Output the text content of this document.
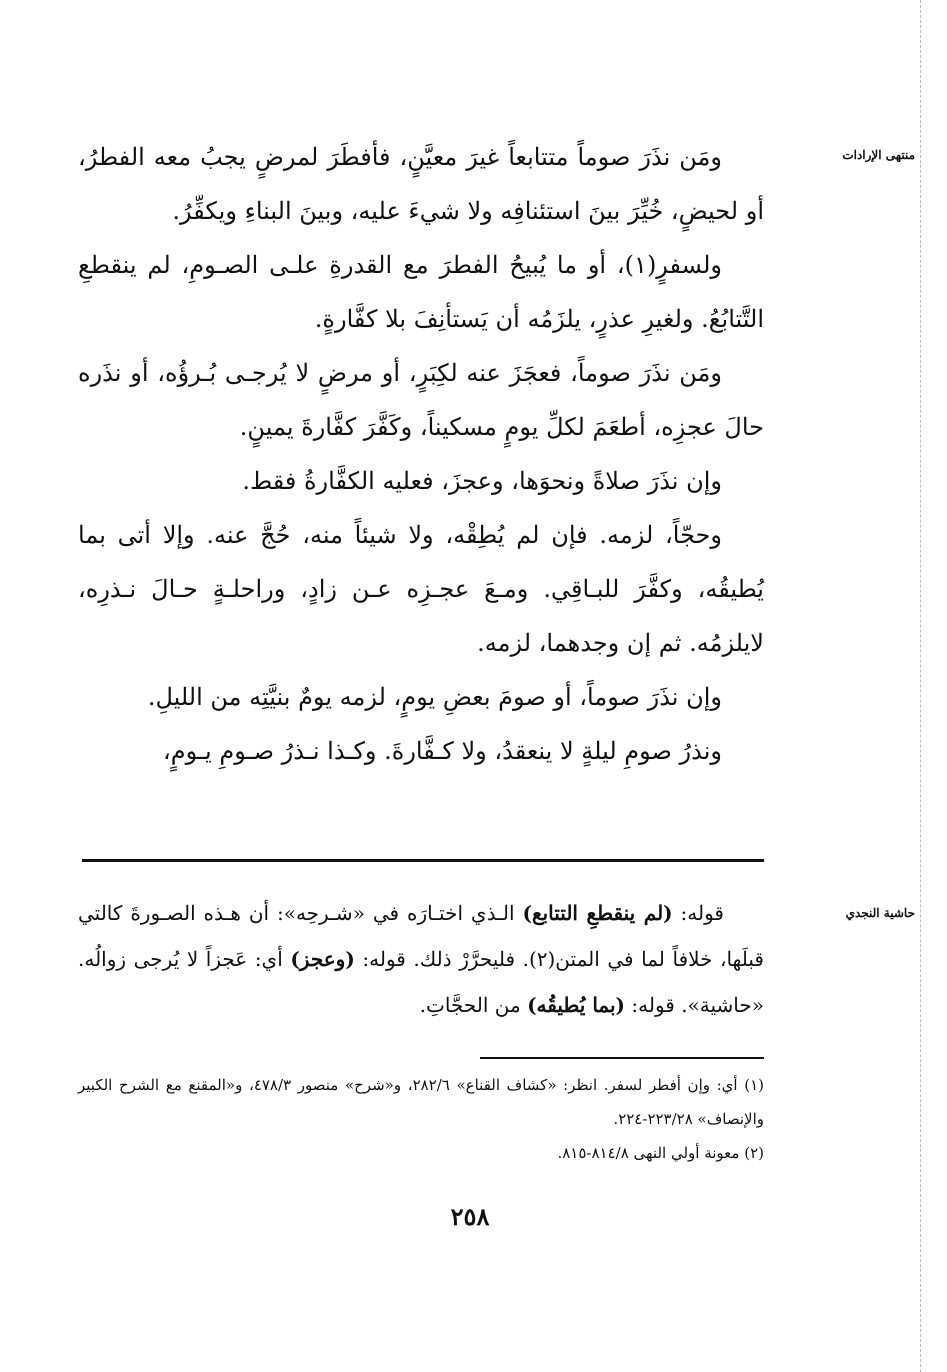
منتهى الإرادات
حاشية النجدي

ومَن نذَرَ صوماً متتابعاً غيرَ معيَّنٍ، فأفطَرَ لمرضٍ يجبُ معه الفطرُ، أو لحيضٍ، خُيِّرَ بينَ استئنافِه ولا شيءَ عليه، وبينَ البناءِ ويكفِّرُ.

ولسفرٍ(١)، أو ما يُبيحُ الفطرَ مع القدرةِ علـى الصـومِ، لم ينقطعِ التَّتابُعُ. ولغيرِ عذرٍ، يلزَمُه أن يَستأنِفَ بلا كفَّارةٍ.

ومَن نذَرَ صوماً، فعجَزَ عنه لكِبَرٍ، أو مرضٍ لا يُرجـى بُـرؤُه، أو نذَره حالَ عجزِه، أطعَمَ لكلِّ يومٍ مسكيناً، وكَفَّرَ كفَّارةَ يمينٍ.

وإن نذَرَ صلاةً ونحوَها، وعجزَ، فعليه الكفَّارةُ فقط.

وحجّاً، لزمه. فإن لم يُطِقْه، ولا شيئاً منه، حُجَّ عنه. وإلا أتى بما يُطيقُه، وكفَّرَ للبـاقِي. ومـعَ عجـزِه عـن زادٍ، وراحلـةٍ حـالَ نـذرِه، لايلزمُه. ثم إن وجدهما، لزمه.

وإن نذَرَ صوماً، أو صومَ بعضِ يومٍ، لزمه يومٌ بنيَّتِه من الليلِ.

ونذرُ صومِ ليلةٍ لا ينعقدُ، ولا كـفَّارةَ. وكـذا نـذرُ صـومِ يـومٍ،

قوله: (لم ينقطعِ التتابع) الـذي اختـارَه في «شـرحِه»: أن هـذه الصـورةَ كالتي قبلَها، خلافاً لما في المتن(٢). فليحرَّرْ ذلك. قوله: (وعجز) أي: عَجزاً لا يُرجى زوالُه. «حاشية». قوله: (بما يُطيقُه) من الحجَّاتِ.

(١) أي: وإن أفطر لسفر. انظر: «كشاف القناع» ٢٨٢/٦، و«شرح» منصور ٤٧٨/٣، و«المقنع مع الشرح الكبير والإنصاف» ٢٢٣/٢٨-٢٢٤.

(٢) معونة أولي النهى ٨١٤/٨-٨١٥.

٢٥٨
